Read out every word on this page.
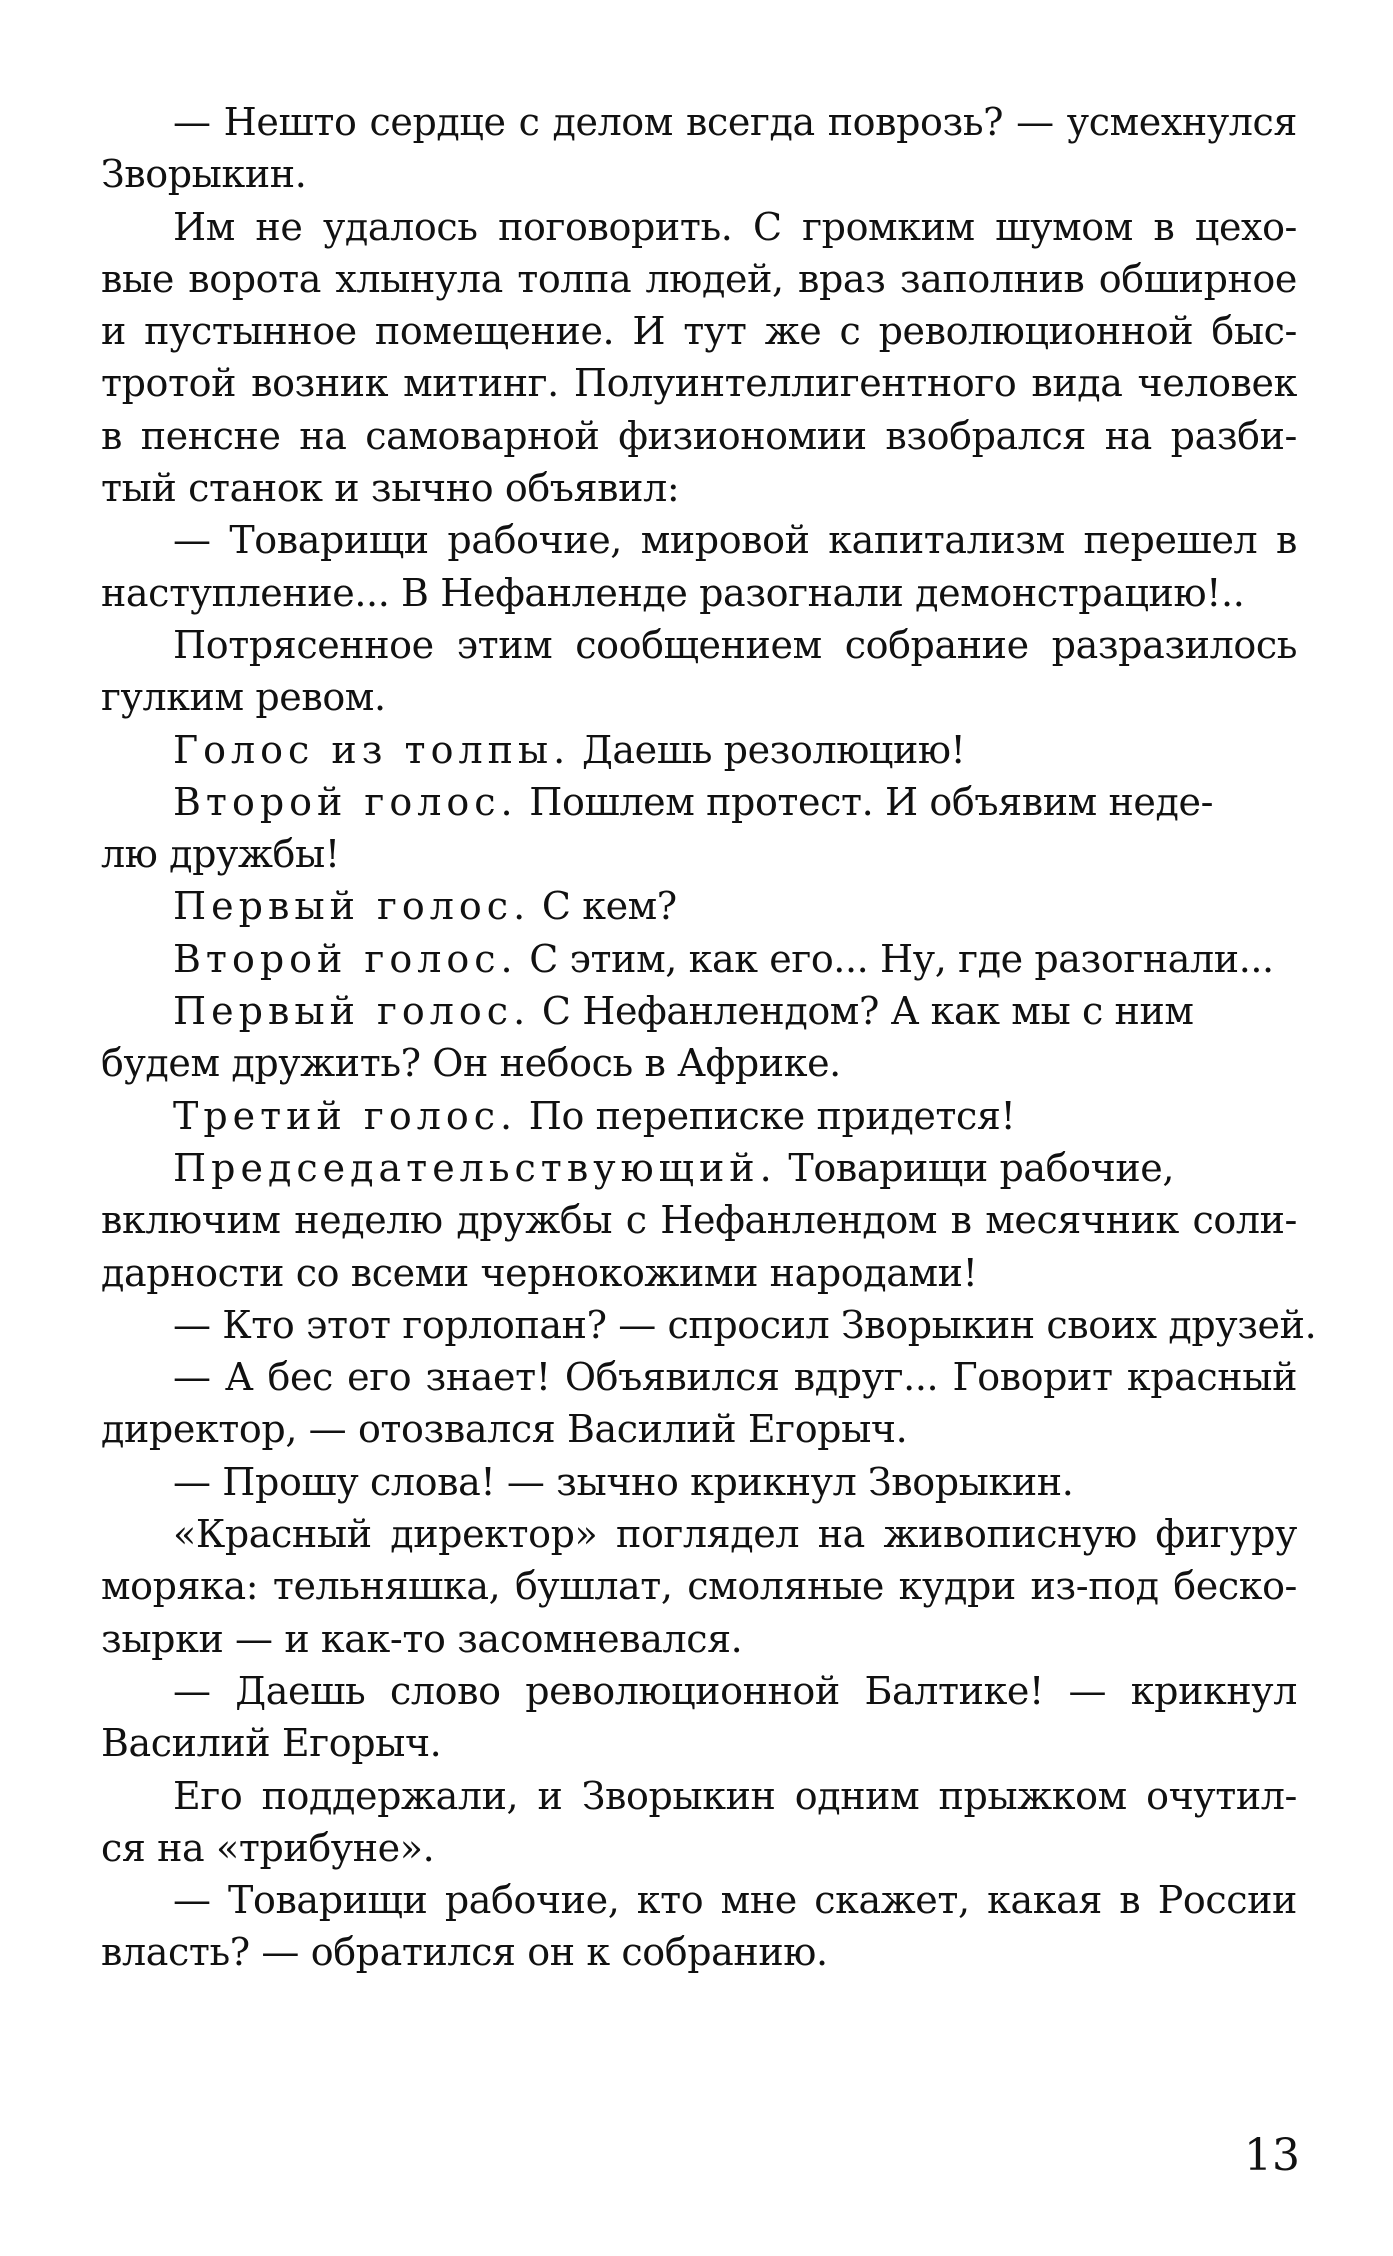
— Нешто сердце с делом всегда поврозь? — усмехнулся
Зворыкин.
Им не удалось поговорить. С громким шумом в цехо-
вые ворота хлынула толпа людей, враз заполнив обширное
и пустынное помещение. И тут же с революционной быс-
тротой возник митинг. Полуинтеллигентного вида человек
в пенсне на самоварной физиономии взобрался на разби-
тый станок и зычно объявил:
— Товарищи рабочие, мировой капитализм перешел в
наступление... В Нефанленде разогнали демонстрацию!..
Потрясенное этим сообщением собрание разразилось
гулким ревом.
Голос из толпы. Даешь резолюцию!
Второй голос. Пошлем протест. И объявим неде-
лю дружбы!
Первый голос. С кем?
Второй голос. С этим, как его... Ну, где разогнали...
Первый голос. С Нефанлендом? А как мы с ним
будем дружить? Он небось в Африке.
Третий голос. По переписке придется!
Председательствующий. Товарищи рабочие,
включим неделю дружбы с Нефанлендом в месячник соли-
дарности со всеми чернокожими народами!
— Кто этот горлопан? — спросил Зворыкин своих друзей.
— А бес его знает! Объявился вдруг... Говорит красный
директор, — отозвался Василий Егорыч.
— Прошу слова! — зычно крикнул Зворыкин.
«Красный директор» поглядел на живописную фигуру
моряка: тельняшка, бушлат, смоляные кудри из-под беско-
зырки — и как-то засомневался.
— Даешь слово революционной Балтике! — крикнул
Василий Егорыч.
Его поддержали, и Зворыкин одним прыжком очутил-
ся на «трибуне».
— Товарищи рабочие, кто мне скажет, какая в России
власть? — обратился он к собранию.
13
